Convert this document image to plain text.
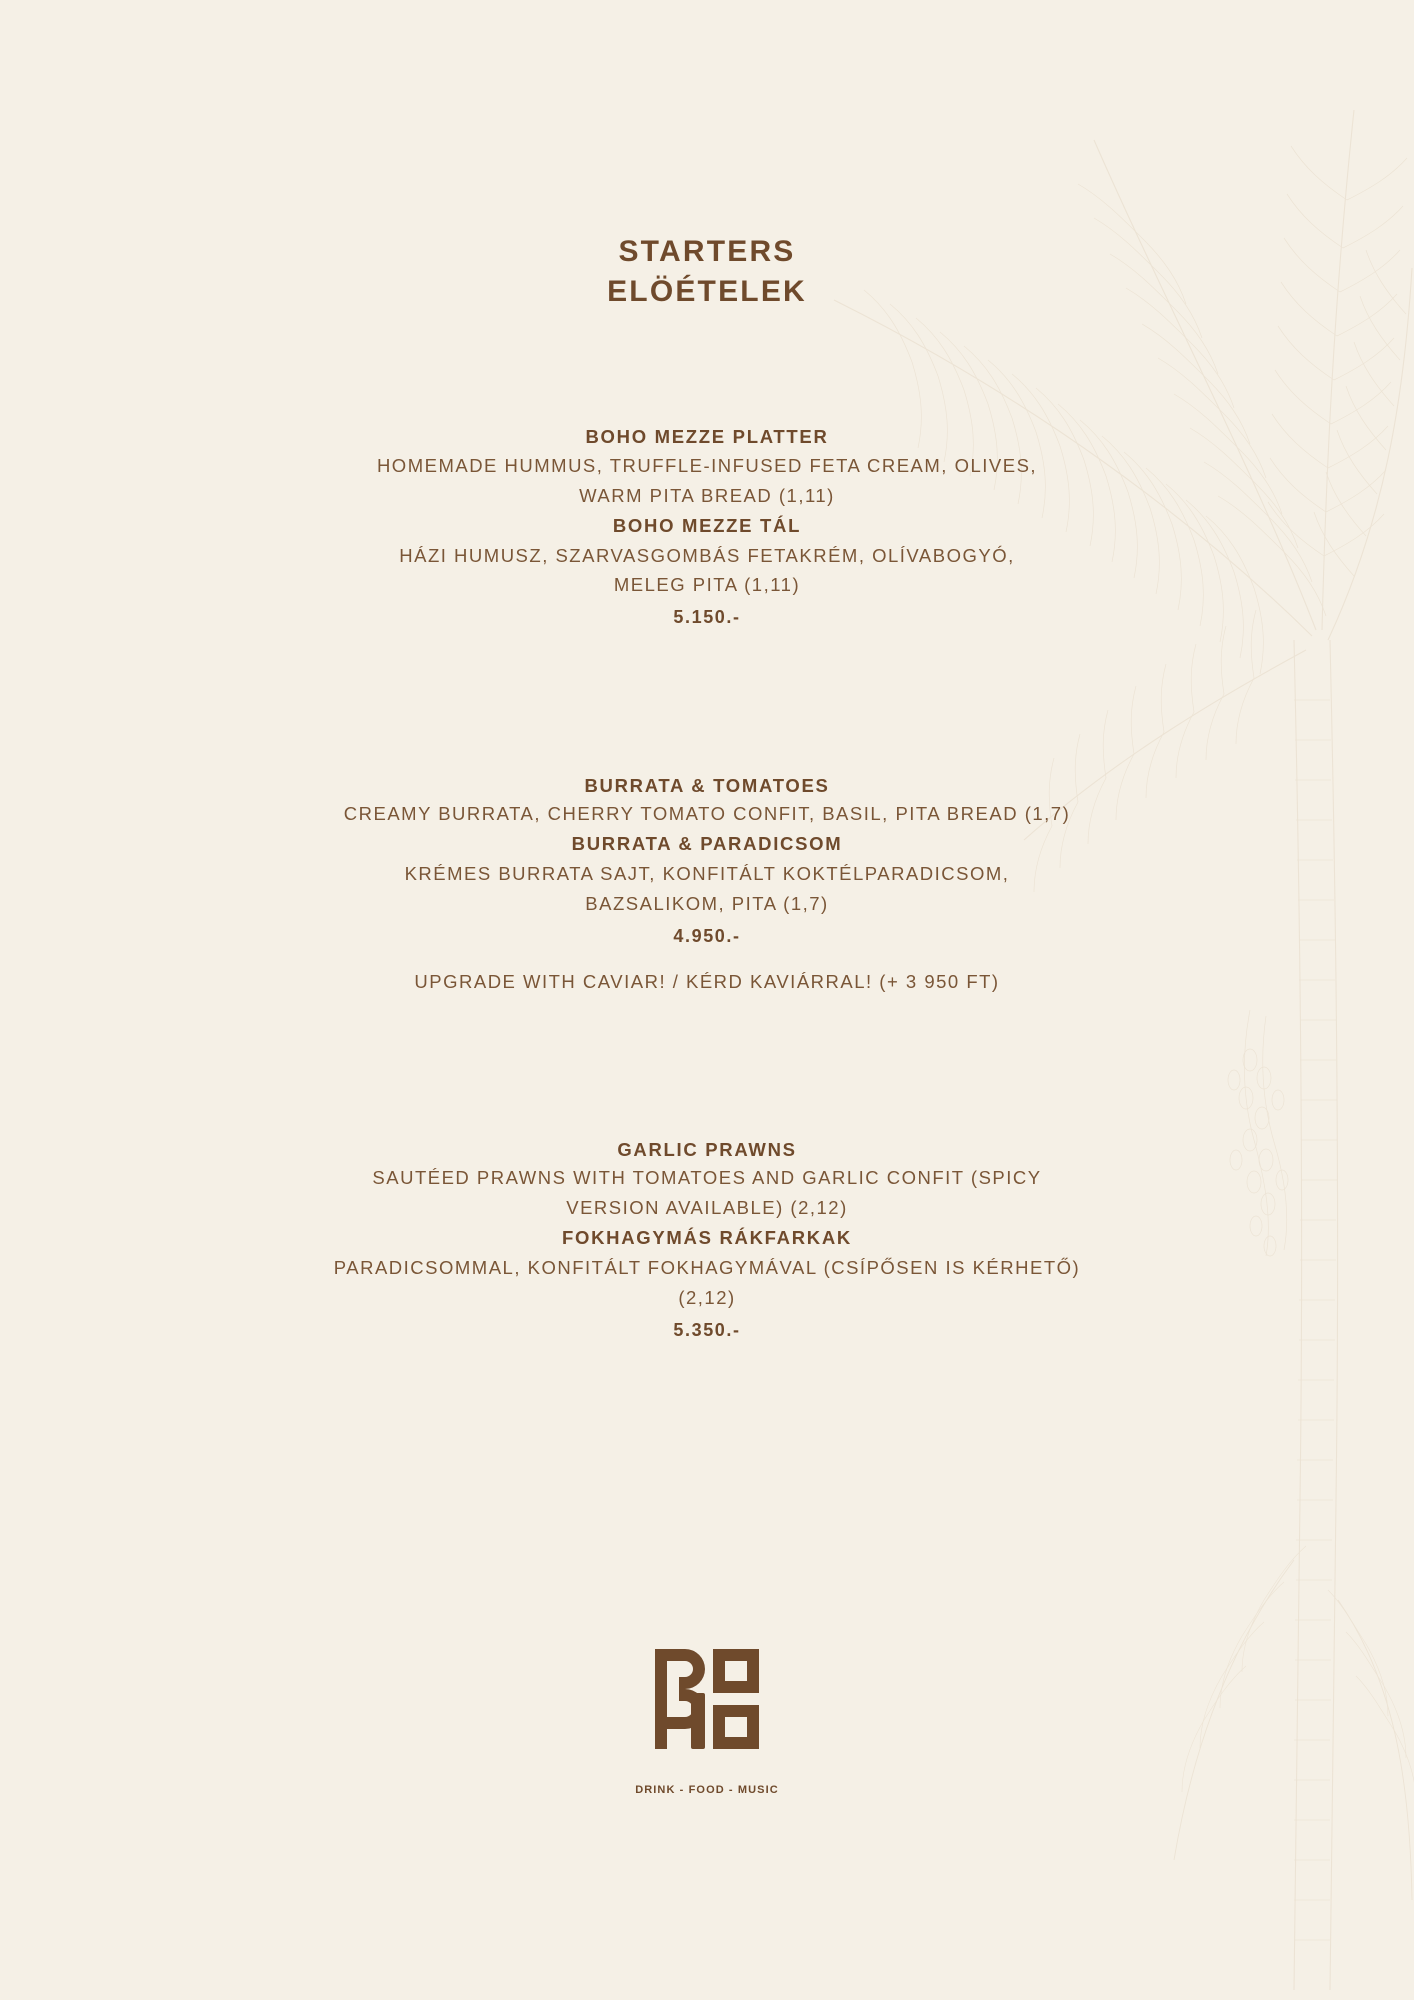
STARTERS
ELÖÉTELEK
BOHO MEZZE PLATTER
HOMEMADE HUMMUS, TRUFFLE-INFUSED FETA CREAM, OLIVES,
WARM PITA BREAD (1,11)
BOHO MEZZE TÁL
HÁZI HUMUSZ, SZARVASGOMBÁS FETAKRÉM, OLÍVABOGYÓ,
MELEG PITA (1,11)
5.150.-
BURRATA & TOMATOES
CREAMY BURRATA, CHERRY TOMATO CONFIT, BASIL, PITA BREAD (1,7)
BURRATA & PARADICSOM
KRÉMES BURRATA SAJT, KONFITÁLT KOKTÉLPARADICSOM,
BAZSALIKOM, PITA (1,7)
4.950.-
UPGRADE WITH CAVIAR! / KÉRD KAVIÁRRAL! (+ 3 950 FT)
GARLIC PRAWNS
SAUTÉED PRAWNS WITH TOMATOES AND GARLIC CONFIT (SPICY
VERSION AVAILABLE) (2,12)
FOKHAGYMÁS RÁKFARKAK
PARADICSOMMAL, KONFITÁLT FOKHAGYMÁVAL (CSÍPŐSEN IS KÉRHETŐ)
(2,12)
5.350.-
DRINK - FOOD - MUSIC
